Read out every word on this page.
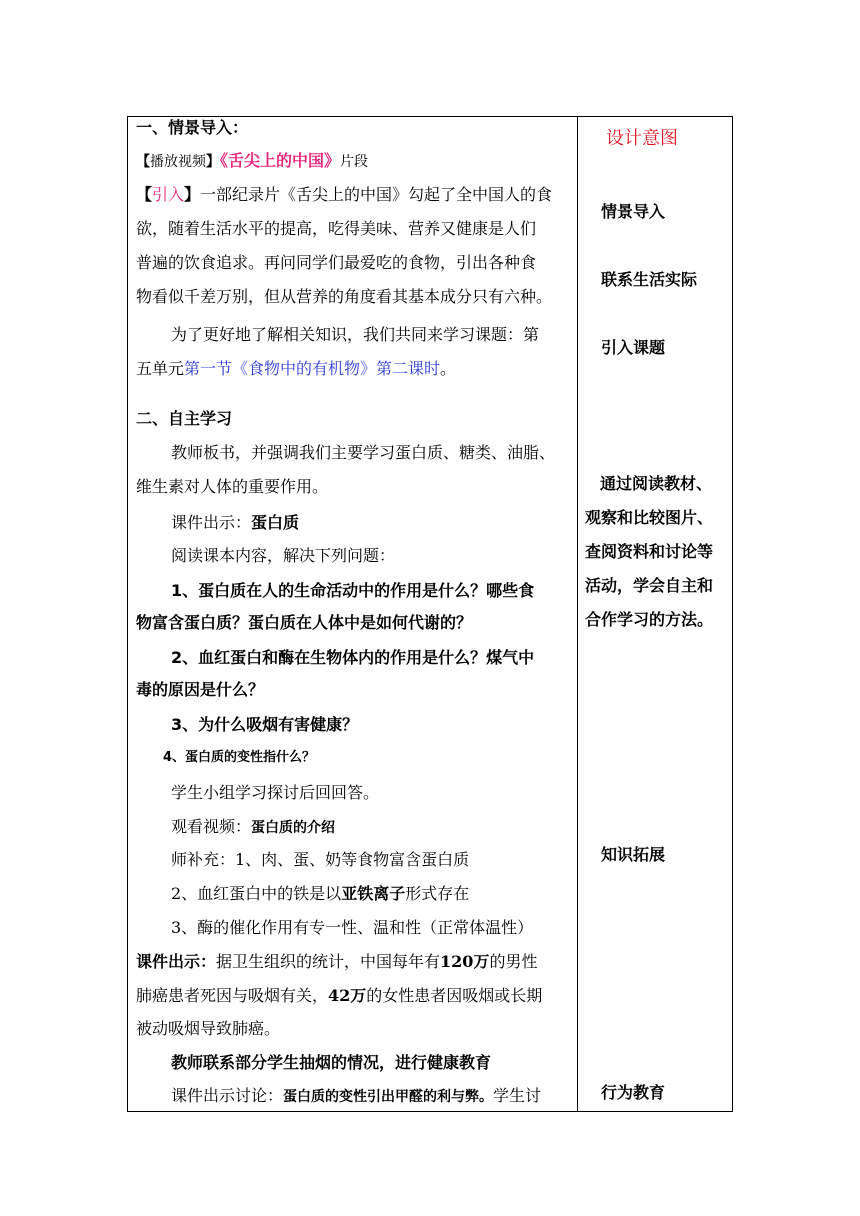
一、情景导入：
【播放视频】《舌尖上的中国》片段
【引入】一部纪录片《舌尖上的中国》勾起了全中国人的食
欲，随着生活水平的提高，吃得美味、营养又健康是人们
普遍的饮食追求。再问同学们最爱吃的食物，引出各种食
物看似千差万别，但从营养的角度看其基本成分只有六种。
为了更好地了解相关知识，我们共同来学习课题：第
五单元第一节《食物中的有机物》第二课时。
二、自主学习
教师板书，并强调我们主要学习蛋白质、糖类、油脂、
维生素对人体的重要作用。
课件出示：蛋白质
阅读课本内容，解决下列问题：
1、蛋白质在人的生命活动中的作用是什么？哪些食
物富含蛋白质？蛋白质在人体中是如何代谢的？
2、血红蛋白和酶在生物体内的作用是什么？煤气中
毒的原因是什么？
3、为什么吸烟有害健康？
4、蛋白质的变性指什么？
学生小组学习探讨后回回答。
观看视频：蛋白质的介绍
师补充：1、肉、蛋、奶等食物富含蛋白质
2、血红蛋白中的铁是以亚铁离子形式存在
3、酶的催化作用有专一性、温和性（正常体温性）
课件出示：据卫生组织的统计，中国每年有120万的男性
肺癌患者死因与吸烟有关，42万的女性患者因吸烟或长期
被动吸烟导致肺癌。
教师联系部分学生抽烟的情况，进行健康教育
课件出示讨论：蛋白质的变性引出甲醛的利与弊。学生讨
设计意图
情景导入
联系生活实际
引入课题
通过阅读教材、
观察和比较图片、
查阅资料和讨论等
活动，学会自主和
合作学习的方法。
知识拓展
行为教育
